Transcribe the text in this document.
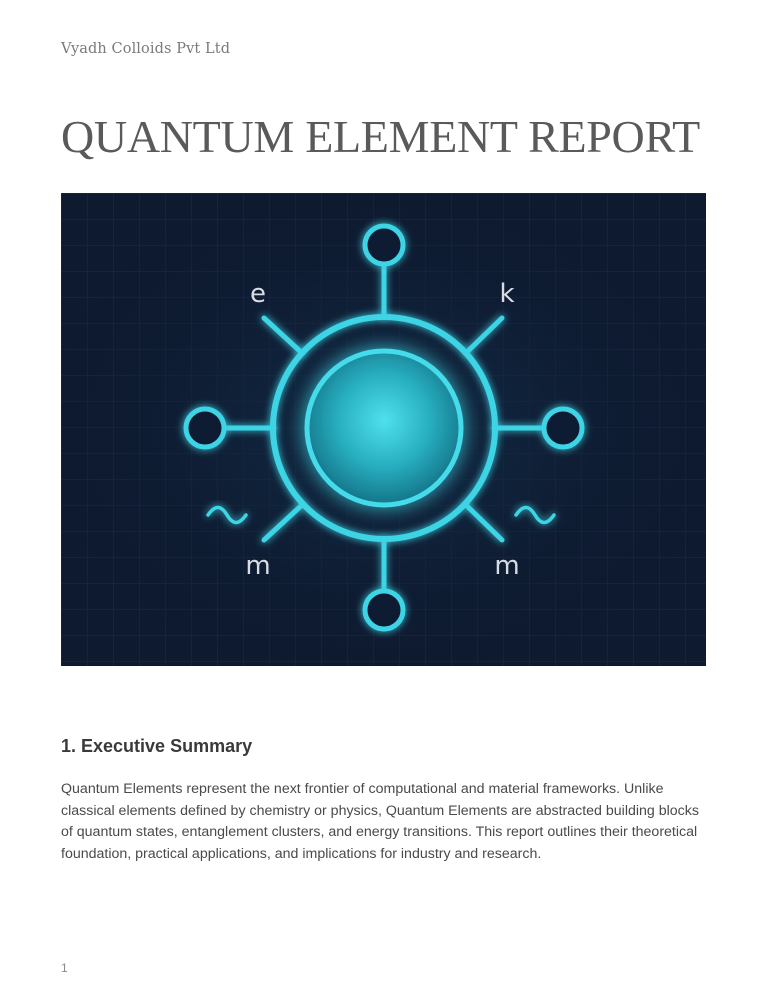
Vyadh Colloids Pvt Ltd
QUANTUM ELEMENT REPORT
e	k
m	m
1. Executive Summary

Quantum Elements represent the next frontier of computational and material frameworks. Unlike classical elements defined by chemistry or physics, Quantum Elements are abstracted building blocks of quantum states, entanglement clusters, and energy transitions. This report outlines their theoretical foundation, practical applications, and implications for industry and research.

1
